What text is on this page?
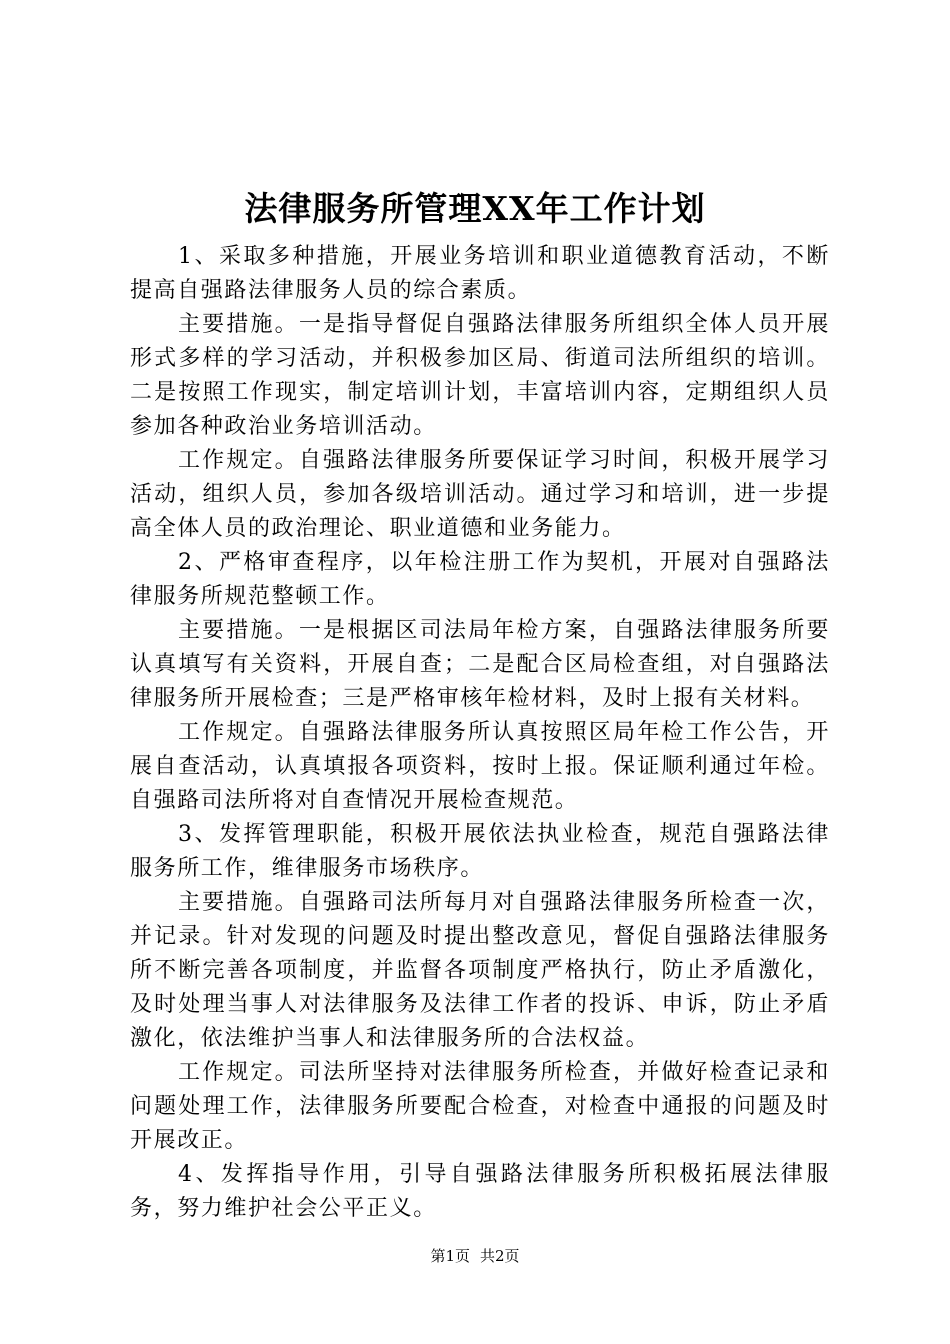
法律服务所管理XX年工作计划

1、采取多种措施，开展业务培训和职业道德教育活动，不断提高自强路法律服务人员的综合素质。

主要措施。一是指导督促自强路法律服务所组织全体人员开展形式多样的学习活动，并积极参加区局、街道司法所组织的培训。二是按照工作现实，制定培训计划，丰富培训内容，定期组织人员参加各种政治业务培训活动。

工作规定。自强路法律服务所要保证学习时间，积极开展学习活动，组织人员，参加各级培训活动。通过学习和培训，进一步提高全体人员的政治理论、职业道德和业务能力。

2、严格审查程序，以年检注册工作为契机，开展对自强路法律服务所规范整顿工作。

主要措施。一是根据区司法局年检方案，自强路法律服务所要认真填写有关资料，开展自查；二是配合区局检查组，对自强路法律服务所开展检查；三是严格审核年检材料，及时上报有关材料。

工作规定。自强路法律服务所认真按照区局年检工作公告，开展自查活动，认真填报各项资料，按时上报。保证顺利通过年检。自强路司法所将对自查情况开展检查规范。

3、发挥管理职能，积极开展依法执业检查，规范自强路法律服务所工作，维律服务市场秩序。

主要措施。自强路司法所每月对自强路法律服务所检查一次，并记录。针对发现的问题及时提出整改意见，督促自强路法律服务所不断完善各项制度，并监督各项制度严格执行，防止矛盾激化，及时处理当事人对法律服务及法律工作者的投诉、申诉，防止矛盾激化，依法维护当事人和法律服务所的合法权益。

工作规定。司法所坚持对法律服务所检查，并做好检查记录和问题处理工作，法律服务所要配合检查，对检查中通报的问题及时开展改正。

4、发挥指导作用，引导自强路法律服务所积极拓展法律服务，努力维护社会公平正义。

第1页 共2页
